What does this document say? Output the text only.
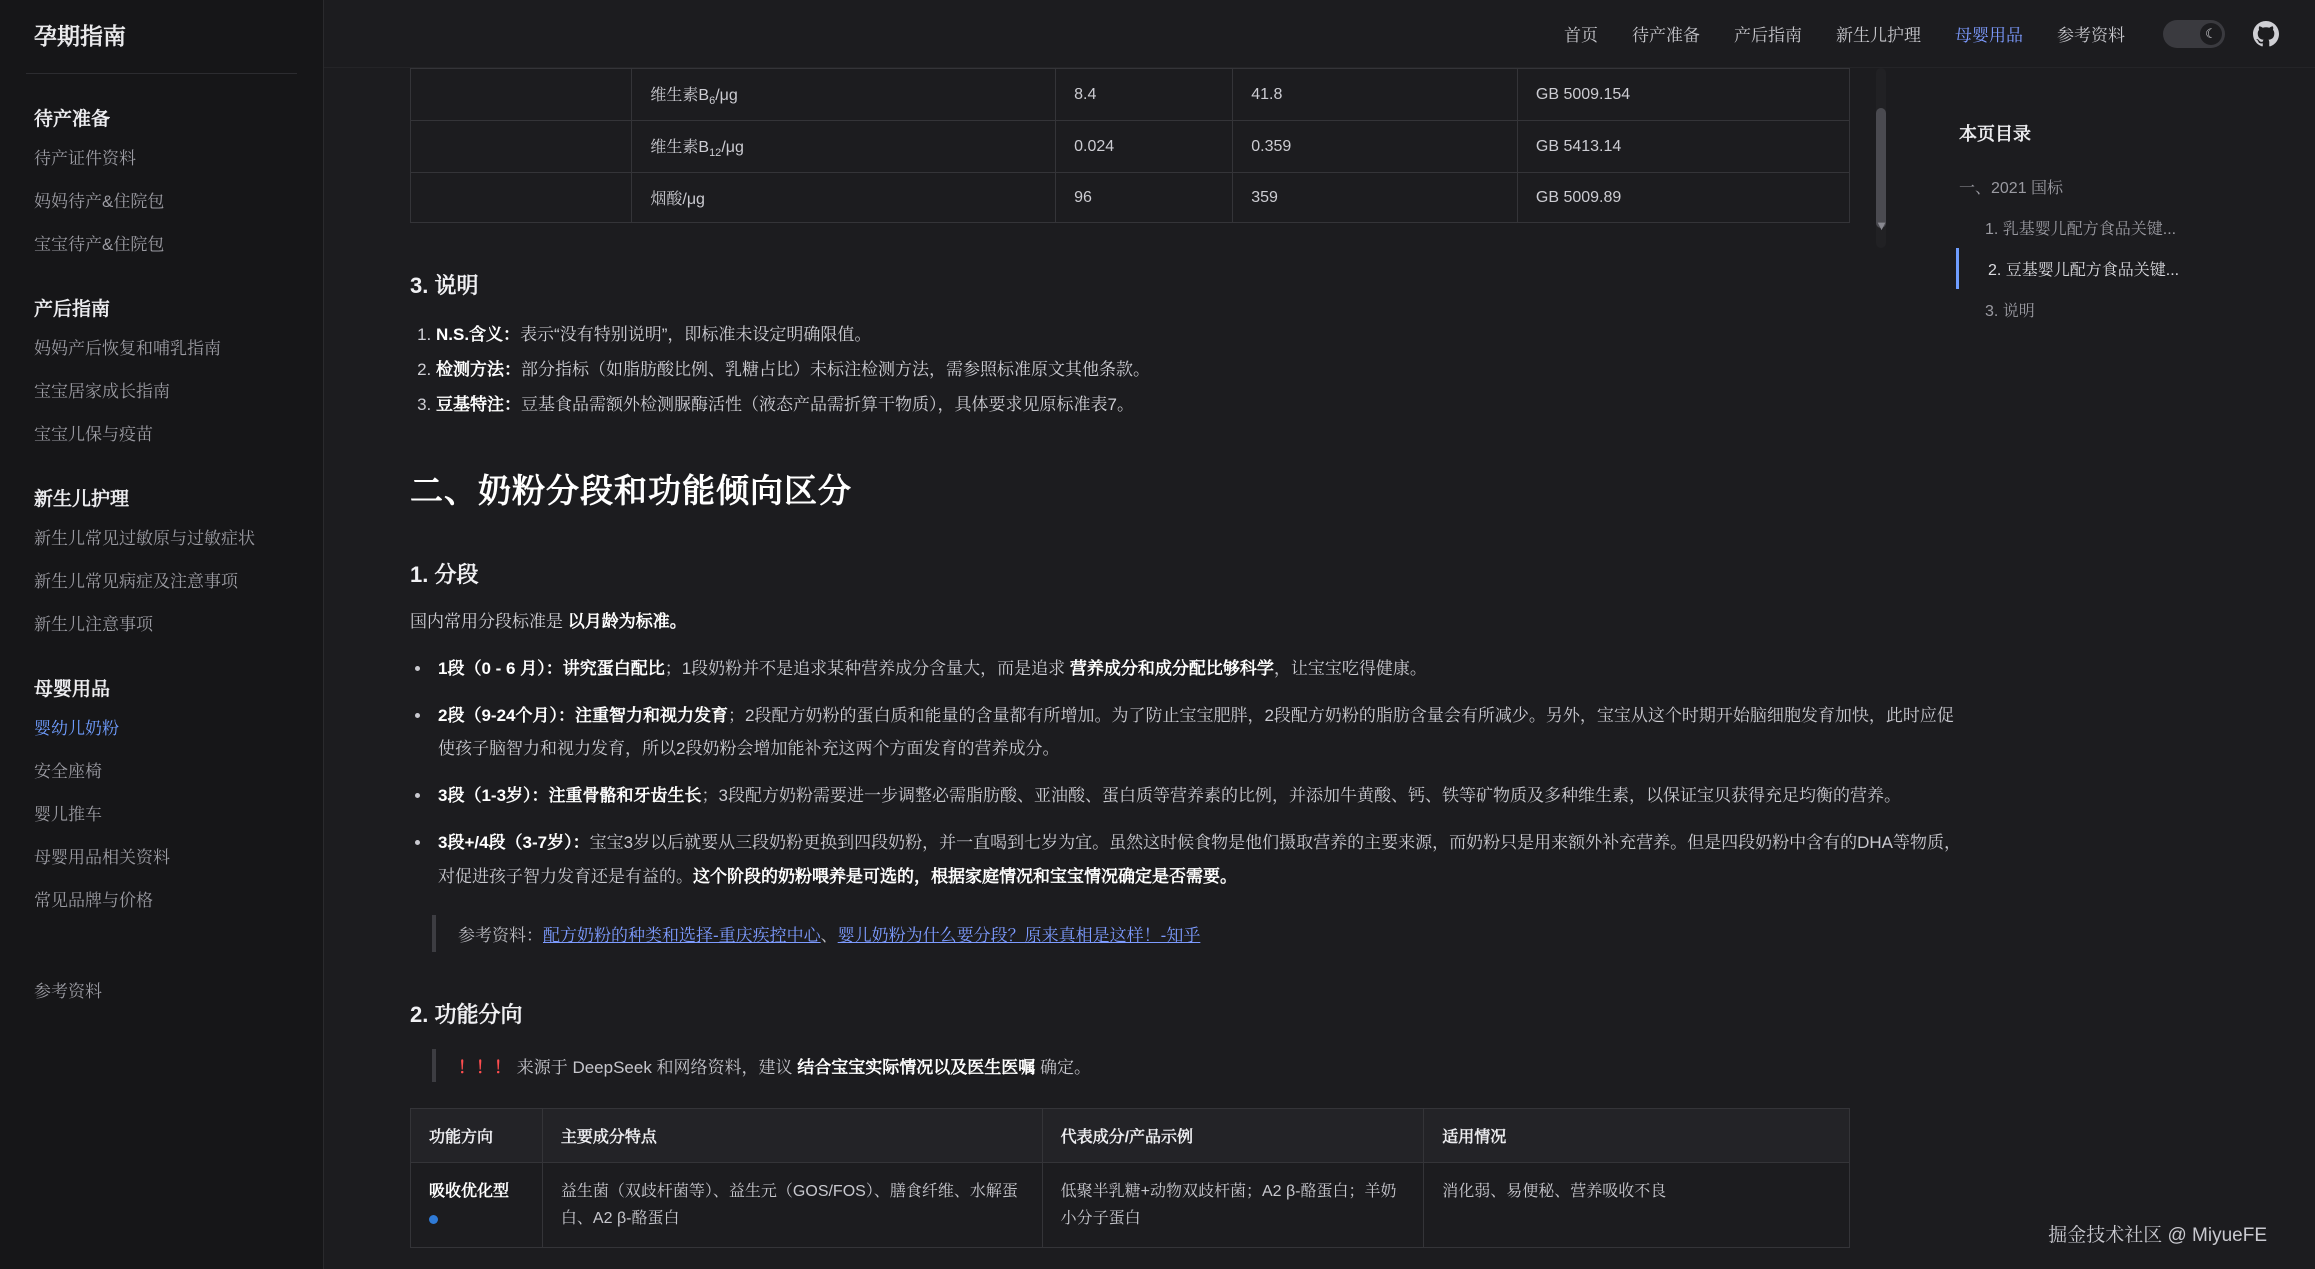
孕期指南
待产准备
待产证件资料
妈妈待产&住院包
宝宝待产&住院包
产后指南
妈妈产后恢复和哺乳指南
宝宝居家成长指南
宝宝儿保与疫苗
新生儿护理
新生儿常见过敏原与过敏症状
新生儿常见病症及注意事项
新生儿注意事项
母婴用品
婴幼儿奶粉
安全座椅
婴儿推车
母婴用品相关资料
常见品牌与价格
参考资料
首页 待产准备 产后指南 新生儿护理 母婴用品 参考资料	☾
	维生素$B_6/\mu g$	8.4	41.8	GB 5009.154
	维生素$B_{12}/\mu g$	0.024	0.359	GB 5413.14
	烟酸/μg	96	359	GB 5009.89
▼
3. 说明
1. N.S.含义：表示“没有特别说明”，即标准未设定明确限值。
2. 检测方法：部分指标（如脂肪酸比例、乳糖占比）未标注检测方法，需参照标准原文其他条款。
3. 豆基特注：豆基食品需额外检测脲酶活性（液态产品需折算干物质），具体要求见原标准表7。
二、奶粉分段和功能倾向区分
1. 分段

国内常用分段标准是 以月龄为标准。

• 1段（0 - 6 月）：讲究蛋白配比；1段奶粉并不是追求某种营养成分含量大，而是追求 营养成分和成分配比够科学，让宝宝吃得健康。
• 2段（9-24个月）：注重智力和视力发育；2段配方奶粉的蛋白质和能量的含量都有所增加。为了防止宝宝肥胖，2段配方奶粉的脂肪含量会有所减少。另外，宝宝从这个时期开始脑细胞发育加快，此时应促使孩子脑智力和视力发育，所以2段奶粉会增加能补充这两个方面发育的营养成分。
• 3段（1-3岁）：注重骨骼和牙齿生长；3段配方奶粉需要进一步调整必需脂肪酸、亚油酸、蛋白质等营养素的比例，并添加牛黄酸、钙、铁等矿物质及多种维生素，以保证宝贝获得充足均衡的营养。
• 3段+/4段（3-7岁）：宝宝3岁以后就要从三段奶粉更换到四段奶粉，并一直喝到七岁为宜。虽然这时候食物是他们摄取营养的主要来源，而奶粉只是用来额外补充营养。但是四段奶粉中含有的DHA等物质，对促进孩子智力发育还是有益的。这个阶段的奶粉喂养是可选的，根据家庭情况和宝宝情况确定是否需要。
参考资料：配方奶粉的种类和选择-重庆疾控中心、婴儿奶粉为什么要分段？原来真相是这样！-知乎
2. 功能分向
！！！ 来源于 DeepSeek 和网络资料，建议 结合宝宝实际情况以及医生医嘱 确定。
功能方向	主要成分特点	代表成分/产品示例	适用情况
吸收优化型	益生菌（双歧杆菌等）、益生元（GOS/FOS）、膳食纤维、水解蛋白、A2 β-酪蛋白	低聚半乳糖+动物双歧杆菌；A2 β-酪蛋白；羊奶小分子蛋白	消化弱、易便秘、营养吸收不良
本页目录
一、2021 国标
1. 乳基婴儿配方食品关键...
2. 豆基婴儿配方食品关键...
3. 说明
掘金技术社区 @ MiyueFE
